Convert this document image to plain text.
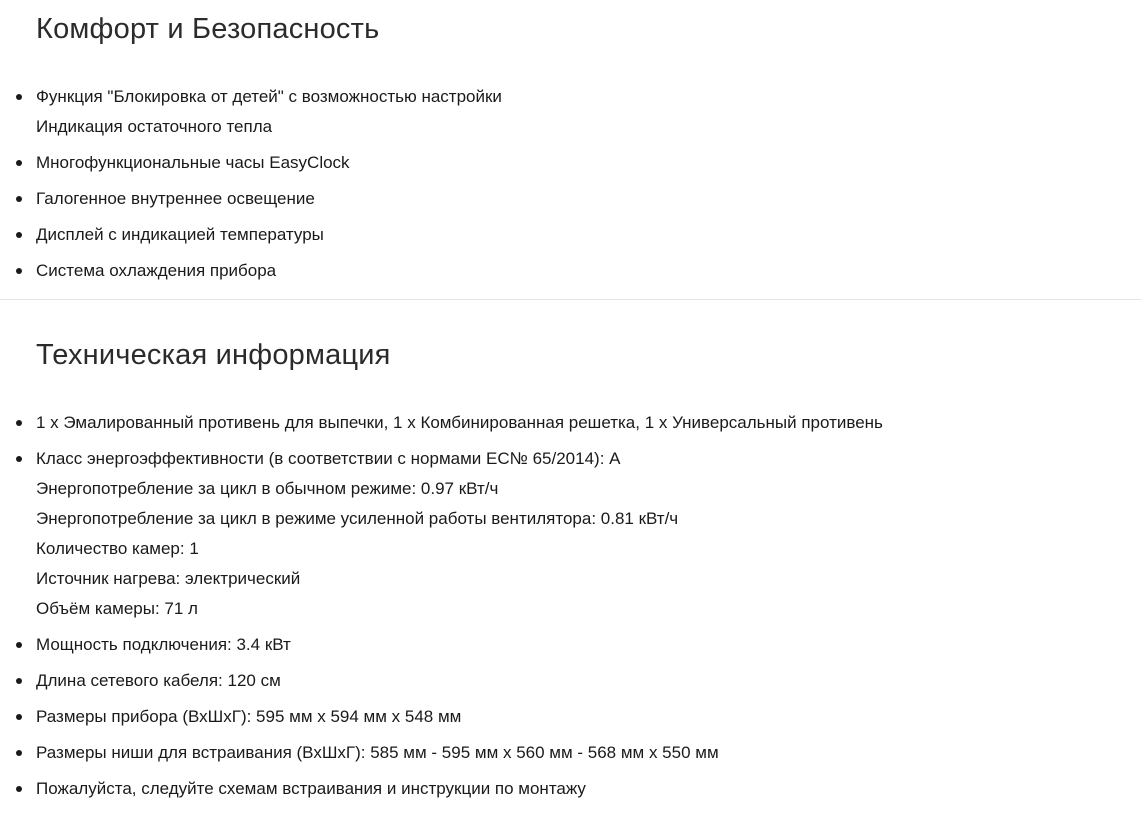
Комфорт и Безопасность
Функция "Блокировка от детей" с возможностью настройки
Индикация остаточного тепла
Многофункциональные часы EasyClock
Галогенное внутреннее освещение
Дисплей с индикацией температуры
Система охлаждения прибора
Техническая информация
1 x Эмалированный противень для выпечки, 1 x Комбинированная решетка, 1 x Универсальный противень
Класс энергоэффективности (в соответствии с нормами EC№ 65/2014): A
Энергопотребление за цикл в обычном режиме: 0.97 кВт/ч
Энергопотребление за цикл в режиме усиленной работы вентилятора: 0.81 кВт/ч
Количество камер: 1
Источник нагрева: электрический
Объём камеры: 71 л
Мощность подключения: 3.4 кВт
Длина сетевого кабеля: 120 см
Размеры прибора (ВхШхГ): 595 мм x 594 мм x 548 мм
Размеры ниши для встраивания (ВхШхГ): 585 мм - 595 мм x 560 мм - 568 мм x 550 мм
Пожалуйста, следуйте схемам встраивания и инструкции по монтажу
